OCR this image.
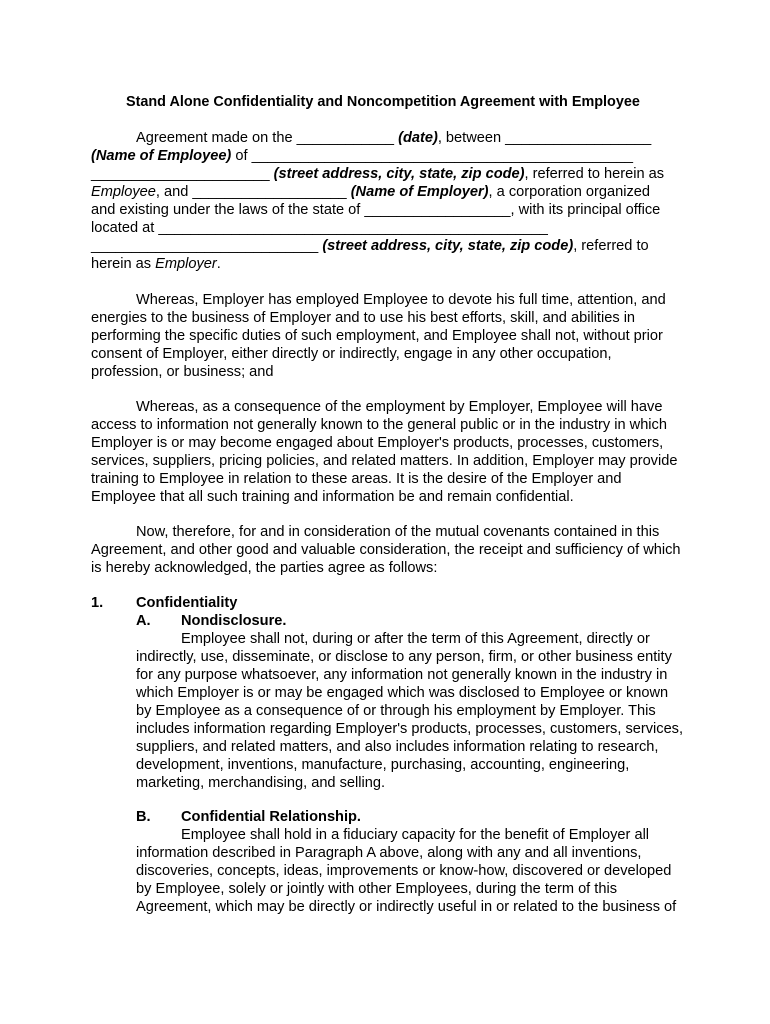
Stand Alone Confidentiality and Noncompetition Agreement with Employee
Agreement made on the ____________ (date), between __________________
(Name of Employee) of _______________________________________________
______________________ (street address, city, state, zip code), referred to herein as
Employee, and ___________________ (Name of Employer), a corporation organized
and existing under the laws of the state of __________________, with its principal office
located at ________________________________________________
____________________________ (street address, city, state, zip code), referred to
herein as Employer.
Whereas, Employer has employed Employee to devote his full time, attention, and
energies to the business of Employer and to use his best efforts, skill, and abilities in
performing the specific duties of such employment, and Employee shall not, without prior
consent of Employer, either directly or indirectly, engage in any other occupation,
profession, or business; and
Whereas, as a consequence of the employment by Employer, Employee will have
access to information not generally known to the general public or in the industry in which
Employer is or may become engaged about Employer's products, processes, customers,
services, suppliers, pricing policies, and related matters. In addition, Employer may provide
training to Employee in relation to these areas. It is the desire of the Employer and
Employee that all such training and information be and remain confidential.
Now, therefore, for and in consideration of the mutual covenants contained in this
Agreement, and other good and valuable consideration, the receipt and sufficiency of which
is hereby acknowledged, the parties agree as follows:
1. Confidentiality
A. Nondisclosure.
Employee shall not, during or after the term of this Agreement, directly or
indirectly, use, disseminate, or disclose to any person, firm, or other business entity
for any purpose whatsoever, any information not generally known in the industry in
which Employer is or may be engaged which was disclosed to Employee or known
by Employee as a consequence of or through his employment by Employer. This
includes information regarding Employer's products, processes, customers, services,
suppliers, and related matters, and also includes information relating to research,
development, inventions, manufacture, purchasing, accounting, engineering,
marketing, merchandising, and selling.
B. Confidential Relationship.
Employee shall hold in a fiduciary capacity for the benefit of Employer all
information described in Paragraph A above, along with any and all inventions,
discoveries, concepts, ideas, improvements or know-how, discovered or developed
by Employee, solely or jointly with other Employees, during the term of this
Agreement, which may be directly or indirectly useful in or related to the business of
